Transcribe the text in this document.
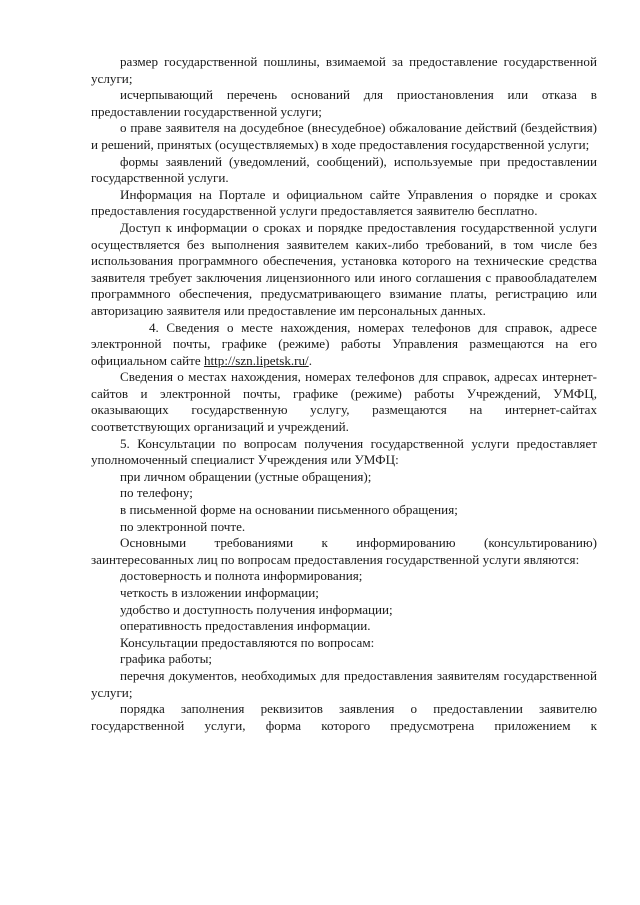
размер государственной пошлины, взимаемой за предоставление государственной услуги;

исчерпывающий перечень оснований для приостановления или отказа в предоставлении государственной услуги;

о праве заявителя на досудебное (внесудебное) обжалование действий (бездействия) и решений, принятых (осуществляемых) в ходе предоставления государственной услуги;

формы заявлений (уведомлений, сообщений), используемые при предоставлении государственной услуги.

Информация на Портале и официальном сайте Управления о порядке и сроках предоставления государственной услуги предоставляется заявителю бесплатно.

Доступ к информации о сроках и порядке предоставления государственной услуги осуществляется без выполнения заявителем каких-либо требований, в том числе без использования программного обеспечения, установка которого на технические средства заявителя требует заключения лицензионного или иного соглашения с правообладателем программного обеспечения, предусматривающего взимание платы, регистрацию или авторизацию заявителя или предоставление им персональных данных.

4. Сведения о месте нахождения, номерах телефонов для справок, адресе электронной почты, графике (режиме) работы Управления размещаются на его официальном сайте http://szn.lipetsk.ru/.

Сведения о местах нахождения, номерах телефонов для справок, адресах интернет-сайтов и электронной почты, графике (режиме) работы Учреждений, УМФЦ, оказывающих государственную услугу, размещаются на интернет-сайтах соответствующих организаций и учреждений.

5. Консультации по вопросам получения государственной услуги предоставляет уполномоченный специалист Учреждения или УМФЦ:

при личном обращении (устные обращения);

по телефону;

в письменной форме на основании письменного обращения;

по электронной почте.

Основными требованиями к информированию (консультированию) заинтересованных лиц по вопросам предоставления государственной услуги являются:

достоверность и полнота информирования;

четкость в изложении информации;

удобство и доступность получения информации;

оперативность предоставления информации.

Консультации предоставляются по вопросам:

графика работы;

перечня документов, необходимых для предоставления заявителям государственной услуги;

порядка заполнения реквизитов заявления о предоставлении заявителю государственной услуги, форма которого предусмотрена приложением к
